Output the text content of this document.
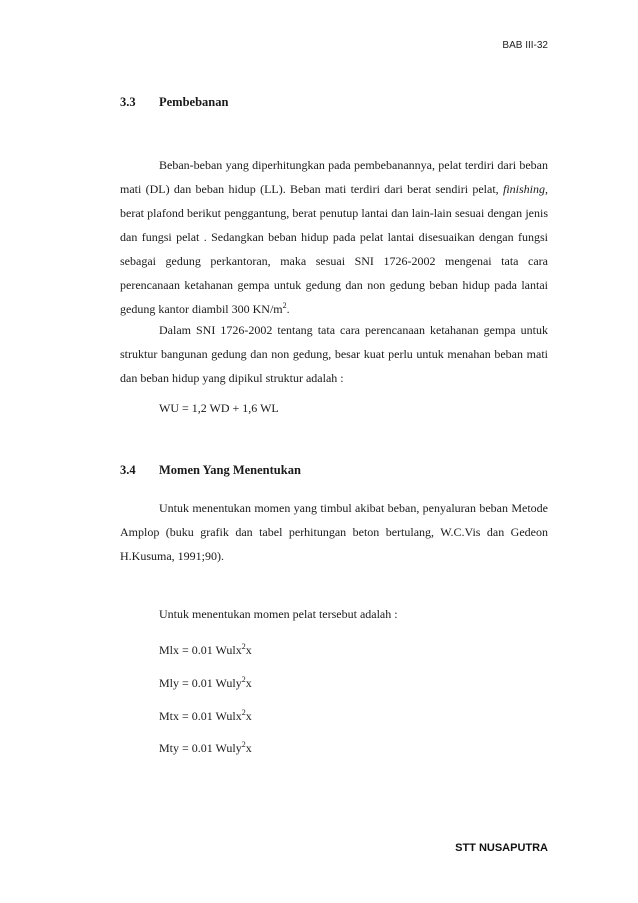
BAB III-32
3.3 Pembebanan

Beban-beban yang diperhitungkan pada pembebanannya, pelat terdiri dari beban mati (DL) dan beban hidup (LL). Beban mati terdiri dari berat sendiri pelat, finishing, berat plafond berikut penggantung, berat penutup lantai dan lain-lain sesuai dengan jenis dan fungsi pelat . Sedangkan beban hidup pada pelat lantai disesuaikan dengan fungsi sebagai gedung perkantoran, maka sesuai SNI 1726-2002 mengenai tata cara perencanaan ketahanan gempa untuk gedung dan non gedung beban hidup pada lantai gedung kantor diambil 300 $KN/m^2$.

Dalam SNI 1726-2002 tentang tata cara perencanaan ketahanan gempa untuk struktur bangunan gedung dan non gedung, besar kuat perlu untuk menahan beban mati dan beban hidup yang dipikul struktur adalah :

WU = 1,2 WD + 1,6 WL
3.4 Momen Yang Menentukan

Untuk menentukan momen yang timbul akibat beban, penyaluran beban Metode Amplop (buku grafik dan tabel perhitungan beton bertulang, W.C.Vis dan Gedeon H.Kusuma, 1991;90).

Untuk menentukan momen pelat tersebut adalah :
Mlx = 0.01 Wulx$^2$x
Mly = 0.01 Wuly$^2$x
Mtx = 0.01 Wulx$^2$x
Mty = 0.01 Wuly$^2$x
STT NUSAPUTRA
